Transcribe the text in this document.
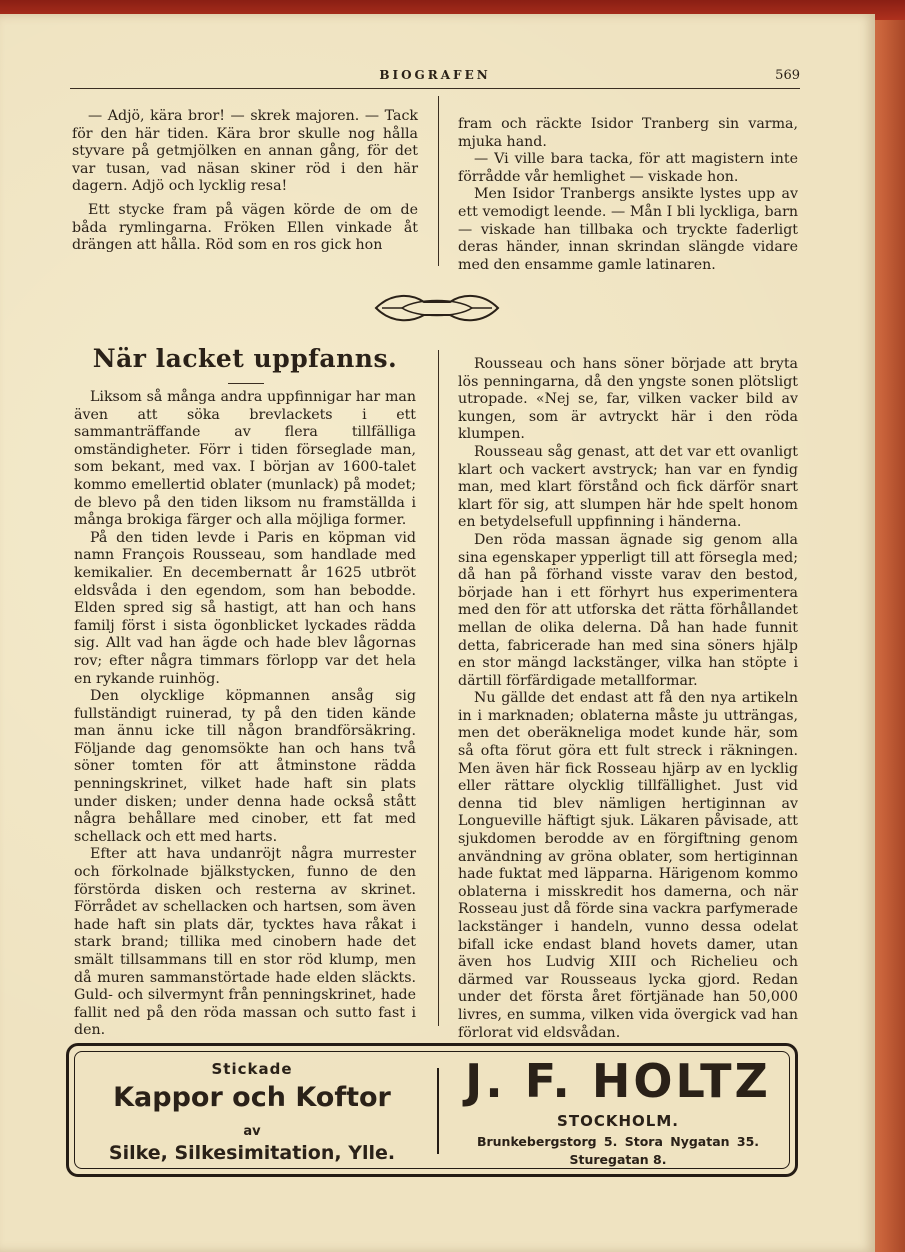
BIOGRAFEN	569

— Adjö, kära bror! — skrek majoren. — Tack för den här tiden. Kära bror skulle nog hålla styvare på getmjölken en annan gång, för det var tusan, vad näsan skiner röd i den här dagern. Adjö och lycklig resa!

Ett stycke fram på vägen körde de om de båda rymlingarna. Fröken Ellen vinkade åt drängen att hålla. Röd som en ros gick hon

fram och räckte Isidor Tranberg sin varma, mjuka hand.

— Vi ville bara tacka, för att magistern inte förrådde vår hemlighet — viskade hon.

Men Isidor Tranbergs ansikte lystes upp av ett vemodigt leende. — Mån I bli lyckliga, barn — viskade han tillbaka och tryckte faderligt deras händer, innan skrindan slängde vidare med den ensamme gamle latinaren.

När lacket uppfanns.

Liksom så många andra uppfinnigar har man även att söka brevlackets i ett sammanträffande av flera tillfälliga omständigheter. Förr i tiden förseglade man, som bekant, med vax. I början av 1600-talet kommo emellertid oblater (munlack) på modet; de blevo på den tiden liksom nu framställda i många brokiga färger och alla möjliga former.

På den tiden levde i Paris en köpman vid namn François Rousseau, som handlade med kemikalier. En decembernatt år 1625 utbröt eldsvåda i den egendom, som han bebodde. Elden spred sig så hastigt, att han och hans familj först i sista ögonblicket lyckades rädda sig. Allt vad han ägde och hade blev lågornas rov; efter några timmars förlopp var det hela en rykande ruinhög.

Den olycklige köpmannen ansåg sig fullständigt ruinerad, ty på den tiden kände man ännu icke till någon brandförsäkring. Följande dag genomsökte han och hans två söner tomten för att åtminstone rädda penningskrinet, vilket hade haft sin plats under disken; under denna hade också stått några behållare med cinober, ett fat med schellack och ett med harts.

Efter att hava undanröjt några murrester och förkolnade bjälkstycken, funno de den förstörda disken och resterna av skrinet. Förrådet av schellacken och hartsen, som även hade haft sin plats där, tycktes hava råkat i stark brand; tillika med cinobern hade det smält tillsammans till en stor röd klump, men då muren sammanstörtade hade elden släckts. Guld- och silvermynt från penningskrinet, hade fallit ned på den röda massan och sutto fast i den.

Rousseau och hans söner började att bryta lös penningarna, då den yngste sonen plötsligt utropade. «Nej se, far, vilken vacker bild av kungen, som är avtryckt här i den röda klumpen.

Rousseau såg genast, att det var ett ovanligt klart och vackert avstryck; han var en fyndig man, med klart förstånd och fick därför snart klart för sig, att slumpen här hde spelt honom en betydelsefull uppfinning i händerna.

Den röda massan ägnade sig genom alla sina egenskaper ypperligt till att försegla med; då han på förhand visste varav den bestod, började han i ett förhyrt hus experimentera med den för att utforska det rätta förhållandet mellan de olika delerna. Då han hade funnit detta, fabricerade han med sina söners hjälp en stor mängd lackstänger, vilka han stöpte i därtill förfärdigade metallformar.

Nu gällde det endast att få den nya artikeln in i marknaden; oblaterna måste ju utträngas, men det oberäkneliga modet kunde här, som så ofta förut göra ett fult streck i räkningen. Men även här fick Rosseau hjärp av en lycklig eller rättare olycklig tillfällighet. Just vid denna tid blev nämligen hertiginnan av Longueville häftigt sjuk. Läkaren påvisade, att sjukdomen berodde av en förgiftning genom användning av gröna oblater, som hertiginnan hade fuktat med läpparna. Härigenom kommo oblaterna i misskredit hos damerna, och när Rosseau just då förde sina vackra parfymerade lackstänger i handeln, vunno dessa odelat bifall icke endast bland hovets damer, utan även hos Ludvig XIII och Richelieu och därmed var Rousseaus lycka gjord. Redan under det första året förtjänade han 50,000 livres, en summa, vilken vida övergick vad han förlorat vid eldsvådan.

Stickade
Kappor och Koftor
av
Silke, Silkesimitation, Ylle.
J. F. HOLTZ
STOCKHOLM.
Brunkebergstorg 5. Stora Nygatan 35.
Sturegatan 8.
